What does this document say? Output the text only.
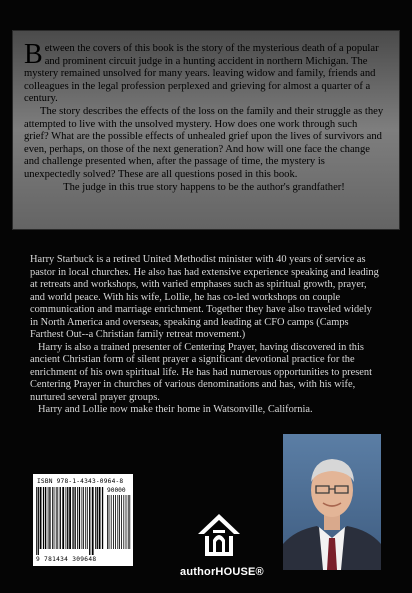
Between the covers of this book is the story of the mysterious death of a popular and prominent circuit judge in a hunting accident in northern Michigan. The mystery remained unsolved for many years. leaving widow and family, friends and colleagues in the legal profession perplexed and grieving for almost a quarter of a century.

The story describes the effects of the loss on the family and their struggle as they attempted to live with the unsolved mystery. How does one work through such grief? What are the possible effects of unhealed grief upon the lives of survivors and even, perhaps, on those of the next generation? And how will one face the change and challenge presented when, after the passage of time, the mystery is unexpectedly solved? These are all questions posed in this book.

The judge in this true story happens to be the author's grandfather!

Harry Starbuck is a retired United Methodist minister with 40 years of service as pastor in local churches. He also has had extensive experience speaking and leading at retreats and workshops, with varied emphases such as spiritual growth, prayer, and world peace. With his wife, Lollie, he has co-led workshops on couple communication and marriage enrichment. Together they have also traveled widely in North America and overseas, speaking and leading at CFO camps (Camps Farthest Out--a Christian family retreat movement.)

Harry is also a trained presenter of Centering Prayer, having discovered in this ancient Christian form of silent prayer a significant devotional practice for the enrichment of his own spiritual life. He has had numerous opportunities to present Centering Prayer in churches of various denominations and has, with his wife, nurtured several prayer groups.

Harry and Lollie now make their home in Watsonville, California.

ISBN 978-1-4343-0964-8
90000
9 781434 309648
authorHOUSE®
